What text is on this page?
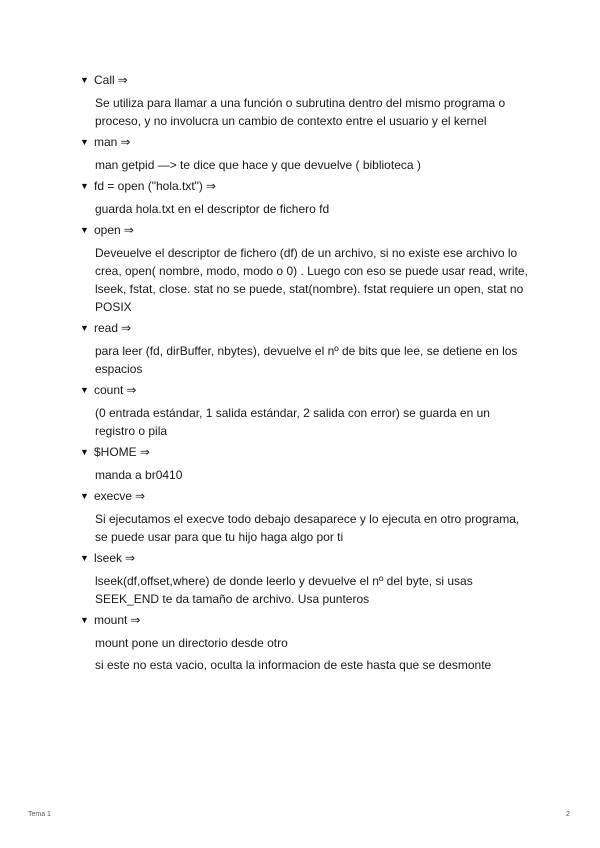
▼ Call ⇒

Se utiliza para llamar a una función o subrutina dentro del mismo programa o proceso, y no involucra un cambio de contexto entre el usuario y el kernel

▼ man ⇒

man getpid —> te dice que hace y que devuelve ( biblioteca )

▼ fd = open ("hola.txt") ⇒

guarda hola.txt en el descriptor de fichero fd

▼ open ⇒

Deveuelve el descriptor de fichero (df) de un archivo, si no existe ese archivo lo crea, open( nombre, modo, modo o 0) . Luego con eso se puede usar read, write, lseek, fstat, close. stat no se puede, stat(nombre). fstat requiere un open, stat no POSIX

▼ read ⇒

para leer (fd, dirBuffer, nbytes), devuelve el nº de bits que lee, se detiene en los espacios

▼ count ⇒

(0 entrada estándar, 1 salida estándar, 2 salida con error) se guarda en un registro o pila

▼ $HOME ⇒

manda a br0410

▼ execve ⇒

Si ejecutamos el execve todo debajo desaparece y lo ejecuta en otro programa, se puede usar para que tu hijo haga algo por ti

▼ lseek ⇒

lseek(df,offset,where) de donde leerlo y devuelve el nº del byte, si usas SEEK_END te da tamaño de archivo. Usa punteros

▼ mount ⇒

mount pone un directorio desde otro

si este no esta vacio, oculta la informacion de este hasta que se desmonte

Tema 1	2
